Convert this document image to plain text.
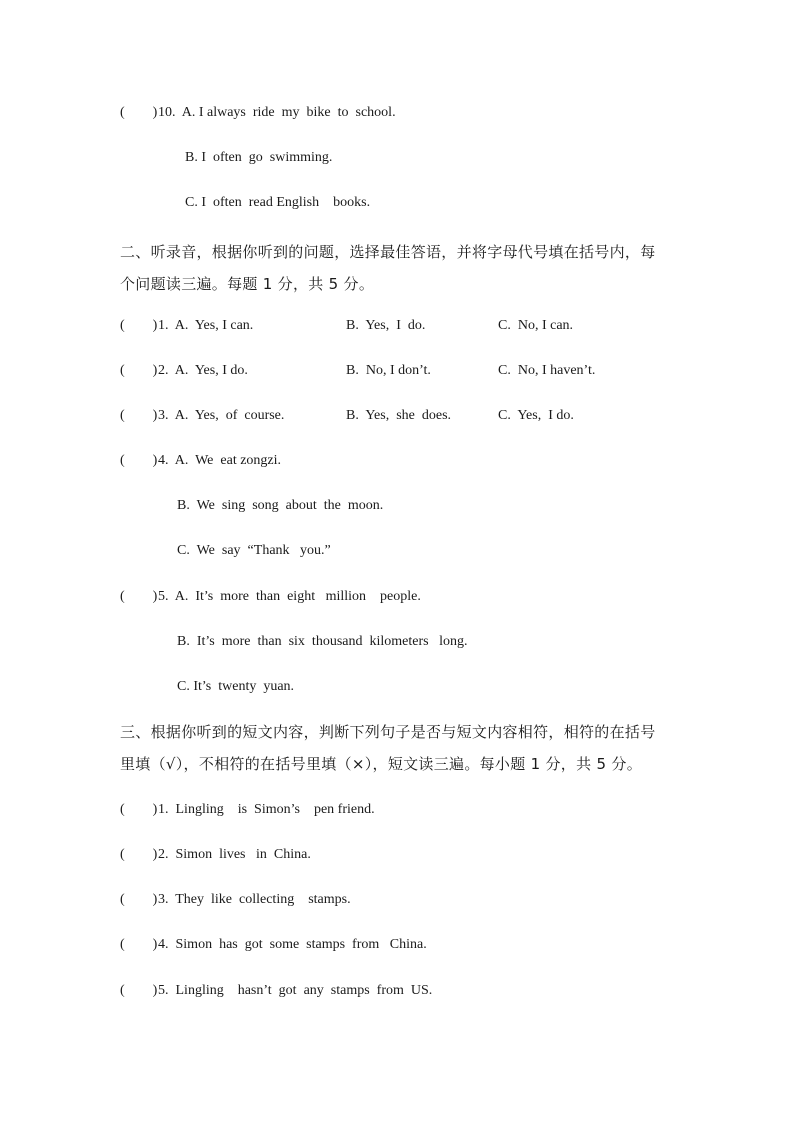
(        ) 10.  A. I always  ride  my  bike  to  school.
B. I  often  go  swimming.
C. I  often  read English    books.
二、听录音，根据你听到的问题，选择最佳答语，并将字母代号填在括号内，每
个问题读三遍。每题 1 分，共 5 分。
(        ) 1.  A.  Yes, I can.	B.  Yes,  I  do.	C.  No, I can.
(        ) 2.  A.  Yes, I do.	B.  No, I don’t.	C.  No, I haven’t.
(        ) 3.  A.  Yes,  of  course.	B.  Yes,  she  does.	C.  Yes,  I do.
(        ) 4.  A.  We  eat zongzi.
B.  We  sing  song  about  the  moon.
C.  We  say  “Thank   you.”
(        ) 5.  A.  It’s  more  than  eight   million    people.
B.  It’s  more  than  six  thousand  kilometers   long.
C. It’s  twenty  yuan.
三、根据你听到的短文内容，判断下列句子是否与短文内容相符，相符的在括号
里填（√），不相符的在括号里填（×），短文读三遍。每小题 1 分，共 5 分。
(        ) 1.  Lingling    is  Simon’s    pen friend.
(        ) 2.  Simon  lives   in  China.
(        ) 3.  They  like  collecting    stamps.
(        ) 4.  Simon  has  got  some  stamps  from   China.
(        ) 5.  Lingling    hasn’t  got  any  stamps  from  US.
